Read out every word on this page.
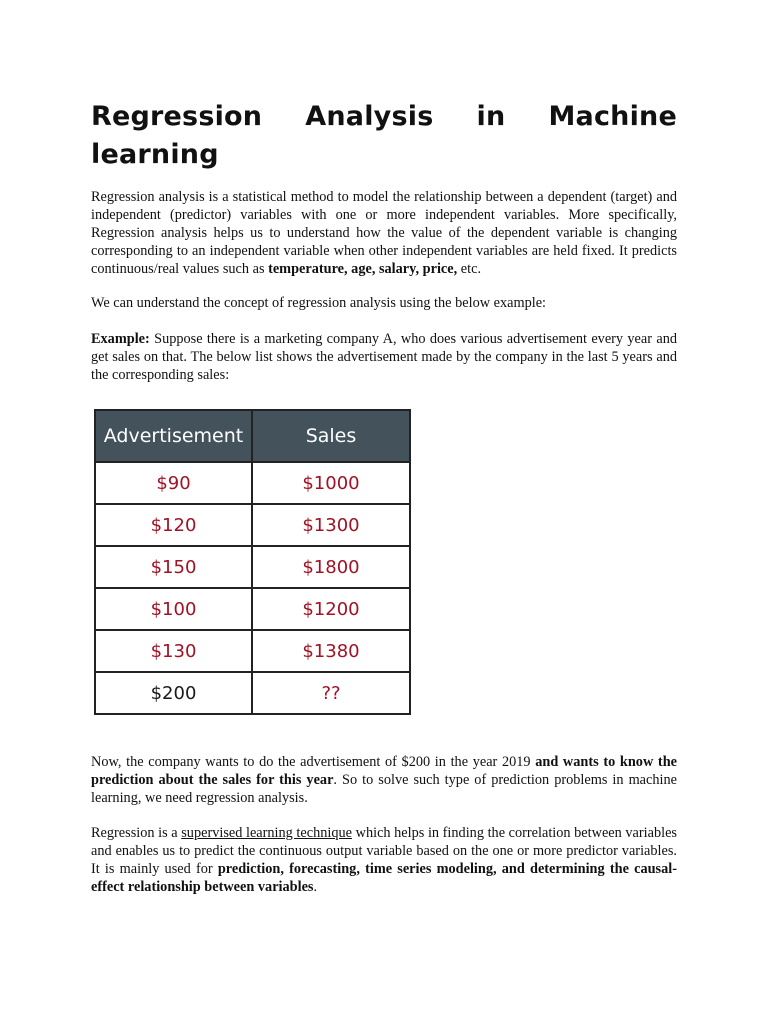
Regression Analysis in Machine
learning

Regression analysis is a statistical method to model the relationship between a dependent (target) and independent (predictor) variables with one or more independent variables. More specifically, Regression analysis helps us to understand how the value of the dependent variable is changing corresponding to an independent variable when other independent variables are held fixed. It predicts continuous/real values such as temperature, age, salary, price, etc.

We can understand the concept of regression analysis using the below example:

Example: Suppose there is a marketing company A, who does various advertisement every year and get sales on that. The below list shows the advertisement made by the company in the last 5 years and the corresponding sales:

Advertisement	Sales
$90	$1000
$120	$1300
$150	$1800
$100	$1200
$130	$1380
$200	??

Now, the company wants to do the advertisement of $200 in the year 2019 and wants to know the prediction about the sales for this year. So to solve such type of prediction problems in machine learning, we need regression analysis.

Regression is a supervised learning technique which helps in finding the correlation between variables and enables us to predict the continuous output variable based on the one or more predictor variables. It is mainly used for prediction, forecasting, time series modeling, and determining the causal-effect relationship between variables.
